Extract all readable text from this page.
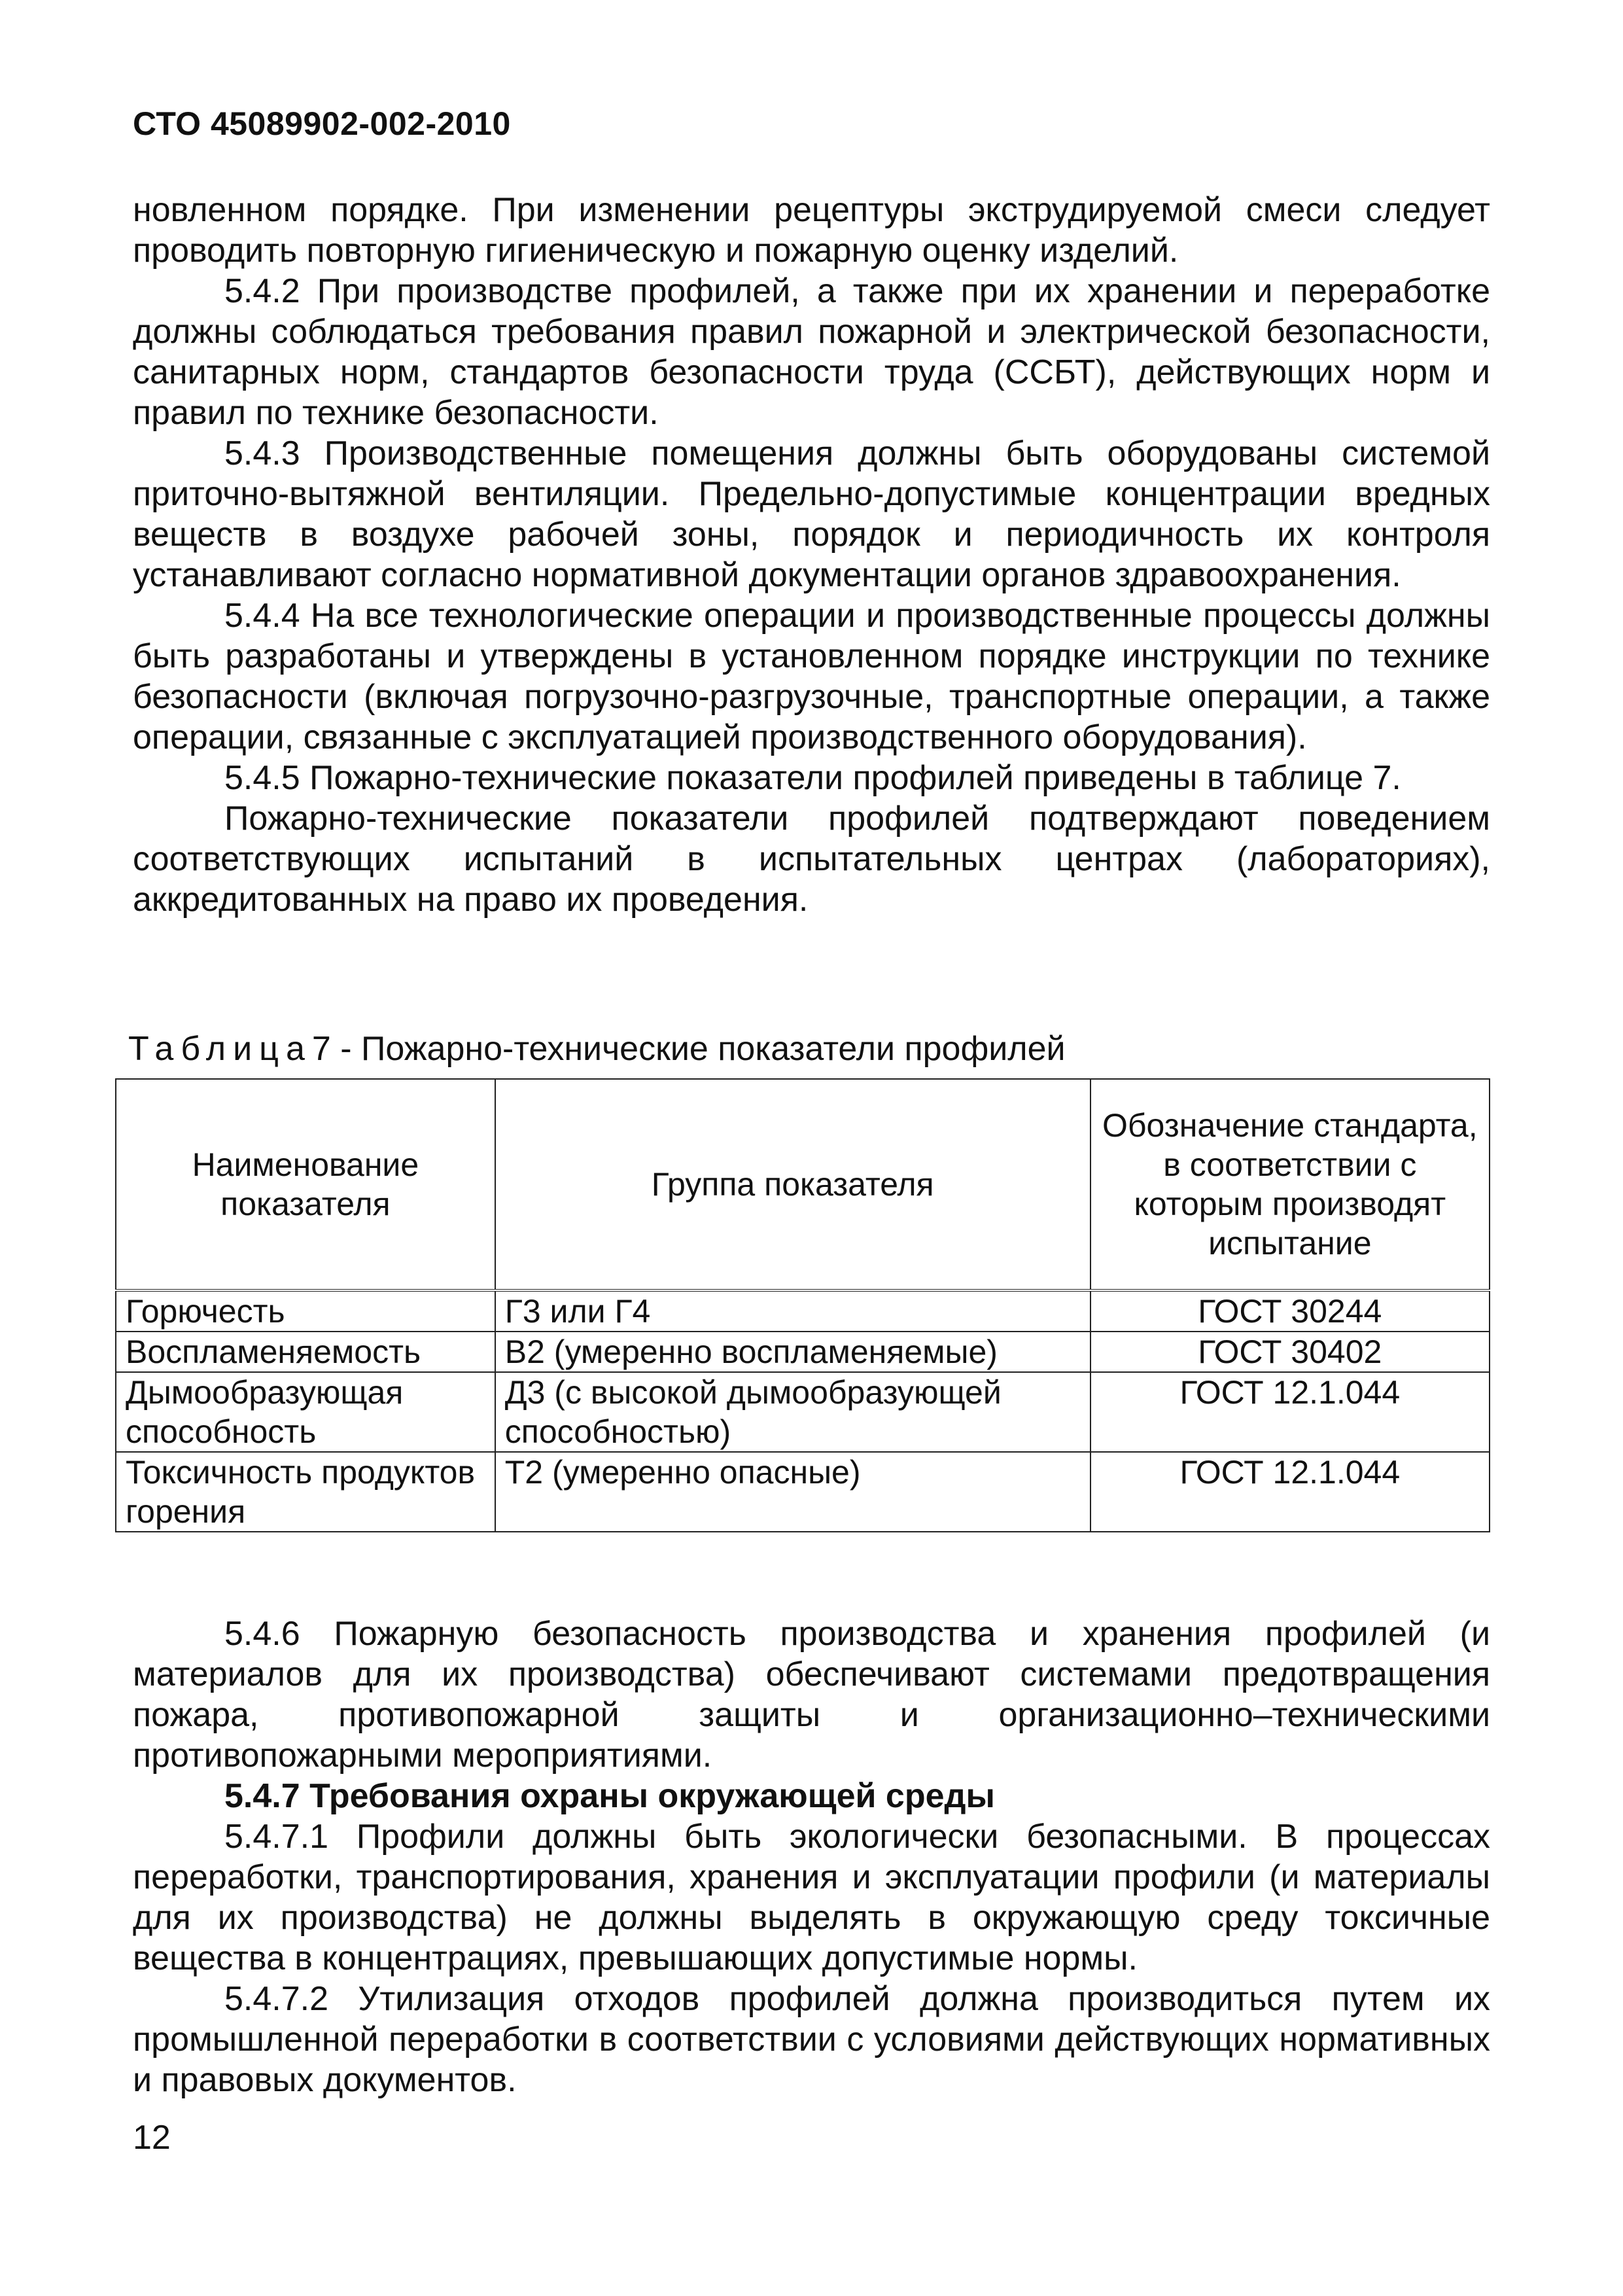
СТО 45089902-002-2010

новленном порядке. При изменении рецептуры экструдируемой смеси следует проводить повторную гигиеническую и пожарную оценку изделий.

5.4.2 При производстве профилей, а также при их хранении и переработке должны соблюдаться требования правил пожарной и электрической безопасности, санитарных норм, стандартов безопасности труда (ССБТ), действующих норм и правил по технике безопасности.

5.4.3 Производственные помещения должны быть оборудованы системой приточно-вытяжной вентиляции. Предельно-допустимые концентрации вредных веществ в воздухе рабочей зоны, порядок и периодичность их контроля устанавливают согласно нормативной документации органов здравоохранения.

5.4.4 На все технологические операции и производственные процессы должны быть разработаны и утверждены в установленном порядке инструкции по технике безопасности (включая погрузочно-разгрузочные, транспортные операции, а также операции, связанные с эксплуатацией производственного оборудования).

5.4.5 Пожарно-технические показатели профилей приведены в таблице 7.

Пожарно-технические показатели профилей подтверждают поведением соответствующих испытаний в испытательных центрах (лабораториях), аккредитованных на право их проведения.

Таблица7 - Пожарно-технические показатели профилей
Наименование показателя	Группа показателя	Обозначение стандарта, в соответствии с которым производят испытание
Горючесть	Г3 или Г4	ГОСТ 30244
Воспламеняемость	В2 (умеренно воспламеняемые)	ГОСТ 30402
Дымообразующая способность	Д3 (с высокой дымообразующей способностью)	ГОСТ 12.1.044
Токсичность продуктов горения	Т2 (умеренно опасные)	ГОСТ 12.1.044

5.4.6 Пожарную безопасность производства и хранения профилей (и материалов для их производства) обеспечивают системами предотвращения пожара, противопожарной защиты и организационно–техническими противопожарными мероприятиями.

5.4.7 Требования охраны окружающей среды

5.4.7.1 Профили должны быть экологически безопасными. В процессах переработки, транспортирования, хранения и эксплуатации профили (и материалы для их производства) не должны выделять в окружающую среду токсичные вещества в концентрациях, превышающих допустимые нормы.

5.4.7.2 Утилизация отходов профилей должна производиться путем их промышленной переработки в соответствии с условиями действующих нормативных и правовых документов.

12
